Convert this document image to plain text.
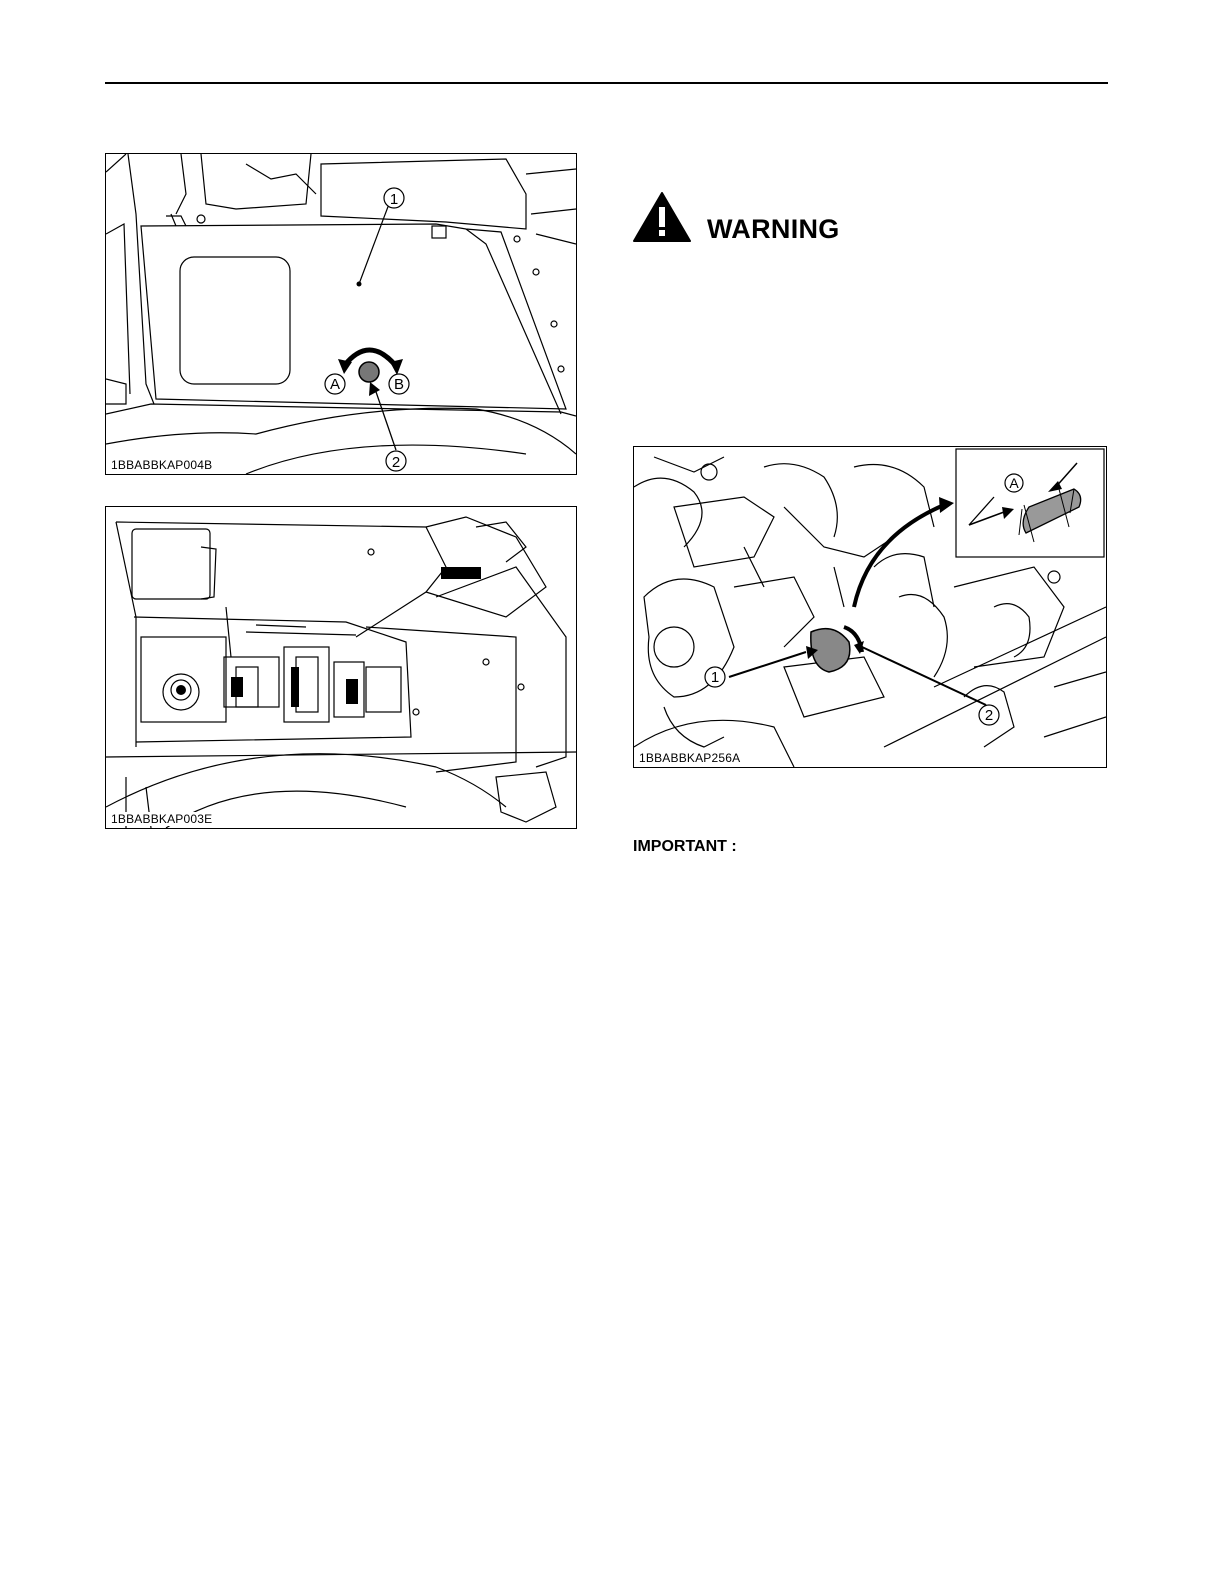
1
2
A	B
1BBABBKAP004B
1BBABBKAP003E
WARNING
1
2
A
1BBABBKAP256A
IMPORTANT :
